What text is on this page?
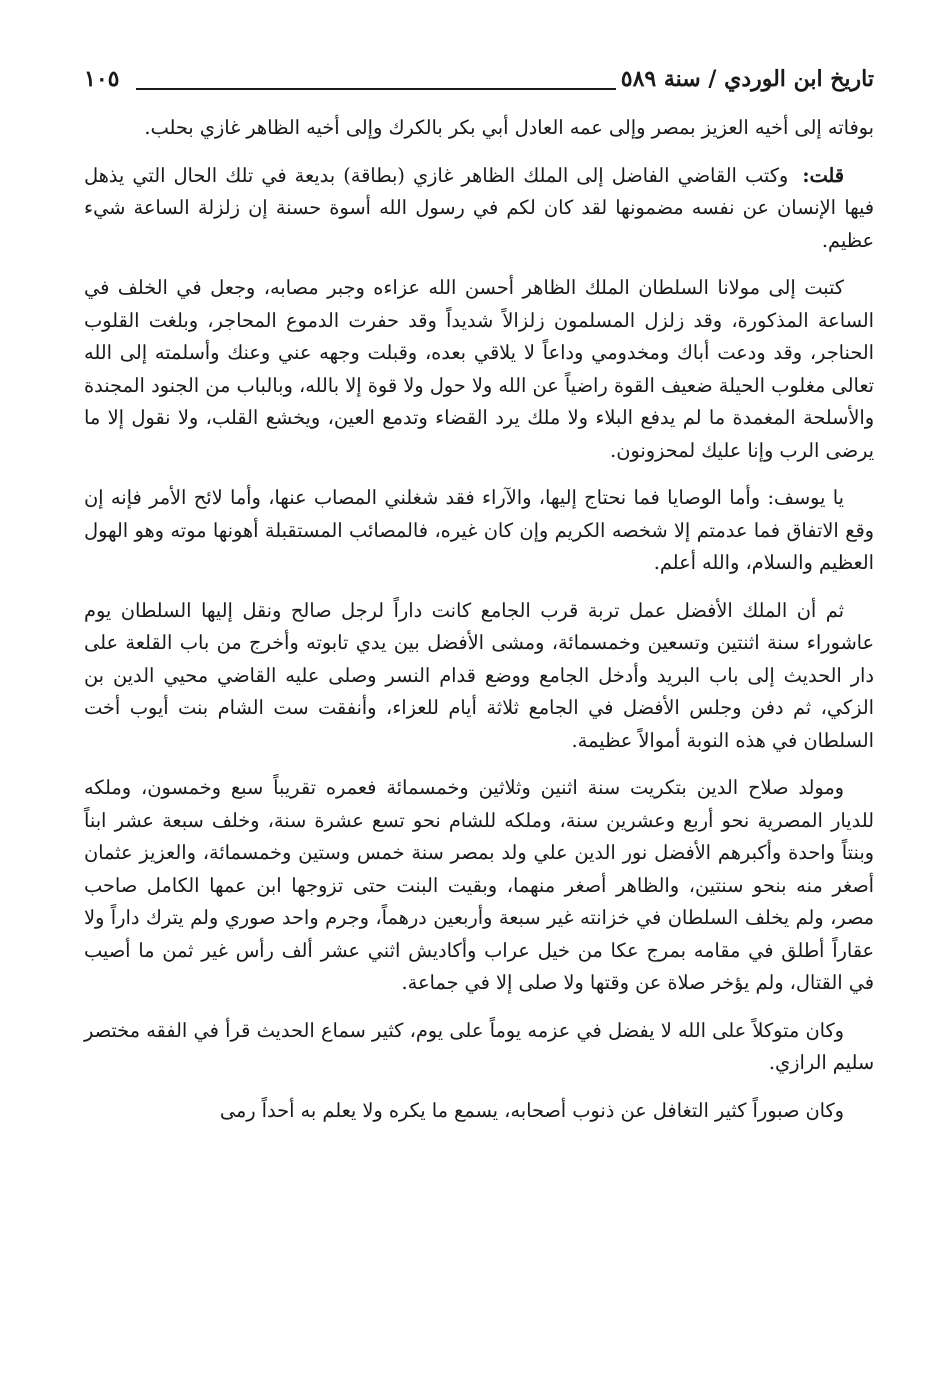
تاريخ ابن الوردي / سنة ٥٨٩
١٠٥

بوفاته إلى أخيه العزيز بمصر وإلى عمه العادل أبي بكر بالكرك وإلى أخيه الظاهر غازي بحلب.

قلت: وكتب القاضي الفاضل إلى الملك الظاهر غازي (بطاقة) بديعة في تلك الحال التي يذهل فيها الإنسان عن نفسه مضمونها لقد كان لكم في رسول الله أسوة حسنة إن زلزلة الساعة شيء عظيم.

كتبت إلى مولانا السلطان الملك الظاهر أحسن الله عزاءه وجبر مصابه، وجعل في الخلف في الساعة المذكورة، وقد زلزل المسلمون زلزالاً شديداً وقد حفرت الدموع المحاجر، وبلغت القلوب الحناجر، وقد ودعت أباك ومخدومي وداعاً لا يلاقي بعده، وقبلت وجهه عني وعنك وأسلمته إلى الله تعالى مغلوب الحيلة ضعيف القوة راضياً عن الله ولا حول ولا قوة إلا بالله، وبالباب من الجنود المجندة والأسلحة المغمدة ما لم يدفع البلاء ولا ملك يرد القضاء وتدمع العين، ويخشع القلب، ولا نقول إلا ما يرضى الرب وإنا عليك لمحزونون.

يا يوسف: وأما الوصايا فما نحتاج إليها، والآراء فقد شغلني المصاب عنها، وأما لائح الأمر فإنه إن وقع الاتفاق فما عدمتم إلا شخصه الكريم وإن كان غيره، فالمصائب المستقبلة أهونها موته وهو الهول العظيم والسلام، والله أعلم.

ثم أن الملك الأفضل عمل تربة قرب الجامع كانت داراً لرجل صالح ونقل إليها السلطان يوم عاشوراء سنة اثنتين وتسعين وخمسمائة، ومشى الأفضل بين يدي تابوته وأخرج من باب القلعة على دار الحديث إلى باب البريد وأدخل الجامع ووضع قدام النسر وصلى عليه القاضي محيي الدين بن الزكي، ثم دفن وجلس الأفضل في الجامع ثلاثة أيام للعزاء، وأنفقت ست الشام بنت أيوب أخت السلطان في هذه النوبة أموالاً عظيمة.

ومولد صلاح الدين بتكريت سنة اثنين وثلاثين وخمسمائة فعمره تقريباً سبع وخمسون، وملكه للديار المصرية نحو أربع وعشرين سنة، وملكه للشام نحو تسع عشرة سنة، وخلف سبعة عشر ابناً وبنتاً واحدة وأكبرهم الأفضل نور الدين علي ولد بمصر سنة خمس وستين وخمسمائة، والعزيز عثمان أصغر منه بنحو سنتين، والظاهر أصغر منهما، وبقيت البنت حتى تزوجها ابن عمها الكامل صاحب مصر، ولم يخلف السلطان في خزانته غير سبعة وأربعين درهماً، وجرم واحد صوري ولم يترك داراً ولا عقاراً أطلق في مقامه بمرج عكا من خيل عراب وأكاديش اثني عشر ألف رأس غير ثمن ما أصيب في القتال، ولم يؤخر صلاة عن وقتها ولا صلى إلا في جماعة.

وكان متوكلاً على الله لا يفضل في عزمه يوماً على يوم، كثير سماع الحديث قرأ في الفقه مختصر سليم الرازي.

وكان صبوراً كثير التغافل عن ذنوب أصحابه، يسمع ما يكره ولا يعلم به أحداً رمى
